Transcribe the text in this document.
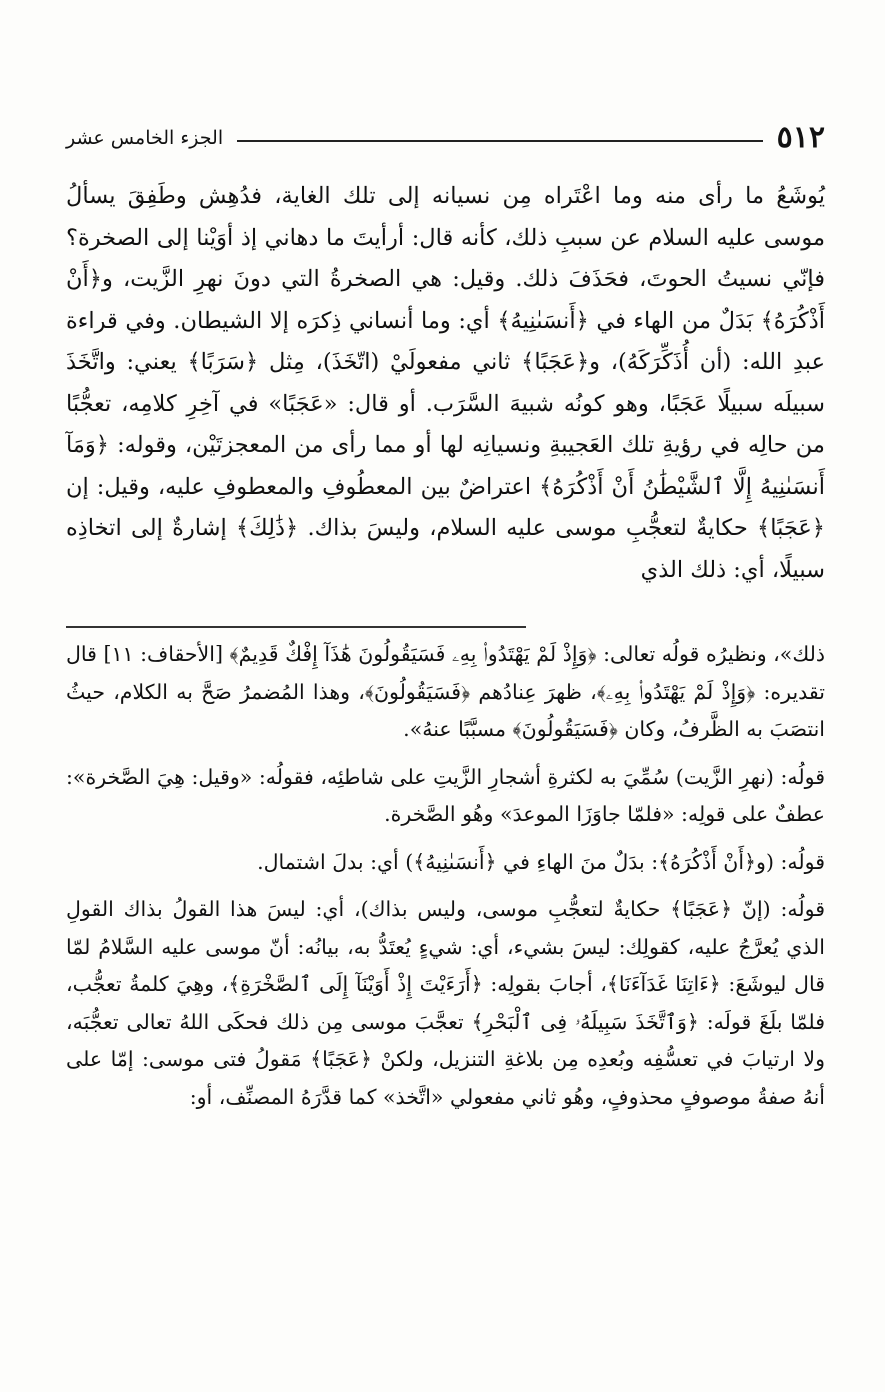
٥١٢
الجزء الخامس عشر

يُوشَعُ ما رأى منه وما اعْتَراه مِن نسيانه إلى تلك الغاية، فدُهِش وطَفِقَ يسألُ موسى عليه السلام عن سببِ ذلك، كأنه قال: أرأيتَ ما دهاني إذ أوَيْنا إلى الصخرة؟ فإنّي نسيتُ الحوتَ، فحَذَفَ ذلك. وقيل: هي الصخرةُ التي دونَ نهرِ الزَّيت، و﴿أَنْ أَذْكُرَهُ﴾ بَدَلٌ من الهاء في ﴿أَنسَىٰنِيهُ﴾ أي: وما أنساني ذِكرَه إلا الشيطان. وفي قراءة عبدِ الله: (أن أُذَكِّرَكَهُ)، و﴿عَجَبًا﴾ ثاني مفعولَيْ (اتّخَذَ)، مِثل ﴿سَرَبًا﴾ يعني: واتَّخَذَ سبيلَه سبيلًا عَجَبًا، وهو كونُه شبيهَ السَّرَب. أو قال: «عَجَبًا» في آخِرِ كلامِه، تعجُّبًا من حالِه في رؤيةِ تلك العَجيبةِ ونسيانِه لها أو مما رأى من المعجزتَيْن، وقوله: ﴿وَمَآ أَنسَىٰنِيهُ إِلَّا ٱلشَّيْطَٰنُ أَنْ أَذْكُرَهُ﴾ اعتراضٌ بين المعطُوفِ والمعطوفِ عليه، وقيل: إن ﴿عَجَبًا﴾ حكايةٌ لتعجُّبِ موسى عليه السلام، وليسَ بذاك. ﴿ذَٰلِكَ﴾ إشارةٌ إلى اتخاذِه سبيلًا، أي: ذلك الذي

ذلك»، ونظيرُه قولُه تعالى: ﴿وَإِذْ لَمْ يَهْتَدُوا۟ بِهِۦ فَسَيَقُولُونَ هَٰذَآ إِفْكٌ قَدِيمٌ﴾ [الأحقاف: ١١] قال تقديره: ﴿وَإِذْ لَمْ يَهْتَدُوا۟ بِهِۦ﴾، ظهرَ عِنادُهم ﴿فَسَيَقُولُونَ﴾، وهذا المُضمرُ صَحَّ به الكلام، حيثُ انتصَبَ به الظَّرفُ، وكان ﴿فَسَيَقُولُونَ﴾ مسبَّبًا عنهُ».

قولُه: (نهرِ الزَّيت) سُمِّيَ به لكثرةِ أشجارِ الزَّيتِ على شاطئِه، فقولُه: «وقيل: هِيَ الصَّخرة»: عطفٌ على قولِه: «فلمّا جاوَزَا الموعدَ» وهُو الصَّخرة.

قولُه: (و﴿أَنْ أَذْكُرَهُ﴾: بدَلٌ منَ الهاءِ في ﴿أَنسَىٰنِيهُ﴾) أي: بدلَ اشتمال.

قولُه: (إنّ ﴿عَجَبًا﴾ حكايةٌ لتعجُّبِ موسى، وليس بذاك)، أي: ليسَ هذا القولُ بذاك القولِ الذي يُعرَّجُ عليه، كقولِك: ليسَ بشيء، أي: شيءٍ يُعتَدُّ به، بيانُه: أنّ موسى عليه السَّلامُ لمّا قال ليوشَعَ: ﴿ءَاتِنَا غَدَآءَنَا﴾، أجابَ بقولِه: ﴿أَرَءَيْتَ إِذْ أَوَيْنَآ إِلَى ٱلصَّخْرَةِ﴾، وهِيَ كلمةُ تعجُّب، فلمّا بلَغَ قولَه: ﴿وَٱتَّخَذَ سَبِيلَهُۥ فِى ٱلْبَحْرِ﴾ تعجَّبَ موسى مِن ذلك فحكَى اللهُ تعالى تعجُّبَه، ولا ارتيابَ في تعسُّفِه وبُعدِه مِن بلاغةِ التنزيل، ولكنْ ﴿عَجَبًا﴾ مَقولُ فتى موسى: إمّا على أنهُ صفةُ موصوفٍ محذوفٍ، وهُو ثاني مفعولي «اتَّخذ» كما قدَّرَهُ المصنِّف، أو:
